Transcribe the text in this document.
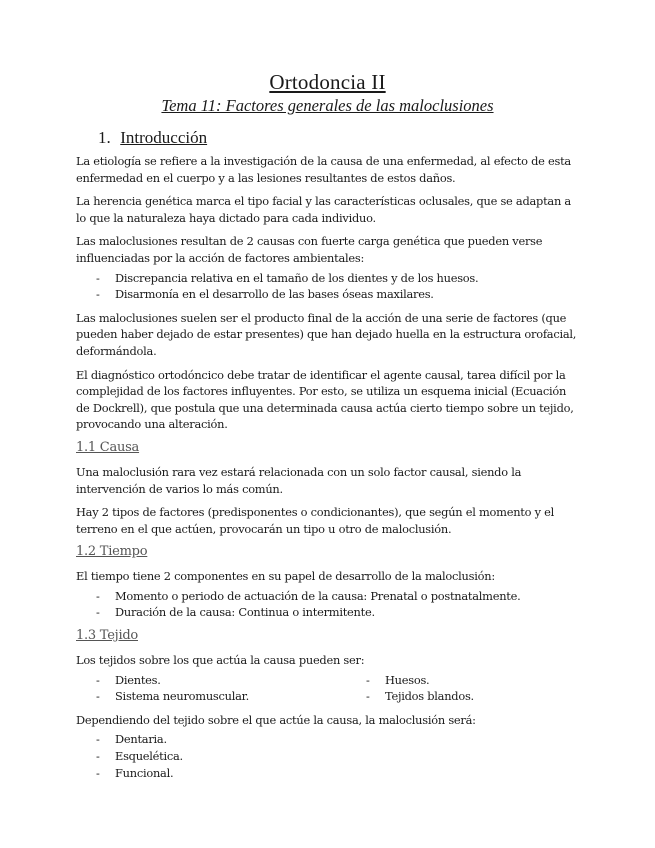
Ortodoncia II
Tema 11: Factores generales de las maloclusiones
1. Introducción

La etiología se refiere a la investigación de la causa de una enfermedad, al efecto de esta enfermedad en el cuerpo y a las lesiones resultantes de estos daños.

La herencia genética marca el tipo facial y las características oclusales, que se adaptan a lo que la naturaleza haya dictado para cada individuo.

Las maloclusiones resultan de 2 causas con fuerte carga genética que pueden verse influenciadas por la acción de factores ambientales:

- Discrepancia relativa en el tamaño de los dientes y de los huesos.
- Disarmonía en el desarrollo de las bases óseas maxilares.

Las maloclusiones suelen ser el producto final de la acción de una serie de factores (que pueden haber dejado de estar presentes) que han dejado huella en la estructura orofacial, deformándola.

El diagnóstico ortodóncico debe tratar de identificar el agente causal, tarea difícil por la complejidad de los factores influyentes. Por esto, se utiliza un esquema inicial (Ecuación de Dockrell), que postula que una determinada causa actúa cierto tiempo sobre un tejido, provocando una alteración.

1.1 Causa

Una maloclusión rara vez estará relacionada con un solo factor causal, siendo la intervención de varios lo más común.

Hay 2 tipos de factores (predisponentes o condicionantes), que según el momento y el terreno en el que actúen, provocarán un tipo u otro de maloclusión.

1.2 Tiempo

El tiempo tiene 2 componentes en su papel de desarrollo de la maloclusión:

- Momento o periodo de actuación de la causa: Prenatal o postnatalmente.
- Duración de la causa: Continua o intermitente.
1.3 Tejido

Los tejidos sobre los que actúa la causa pueden ser:

- Dientes.
- Sistema neuromuscular.
- Huesos.
- Tejidos blandos.

Dependiendo del tejido sobre el que actúe la causa, la maloclusión será:

- Dentaria.
- Esquelética.
- Funcional.
